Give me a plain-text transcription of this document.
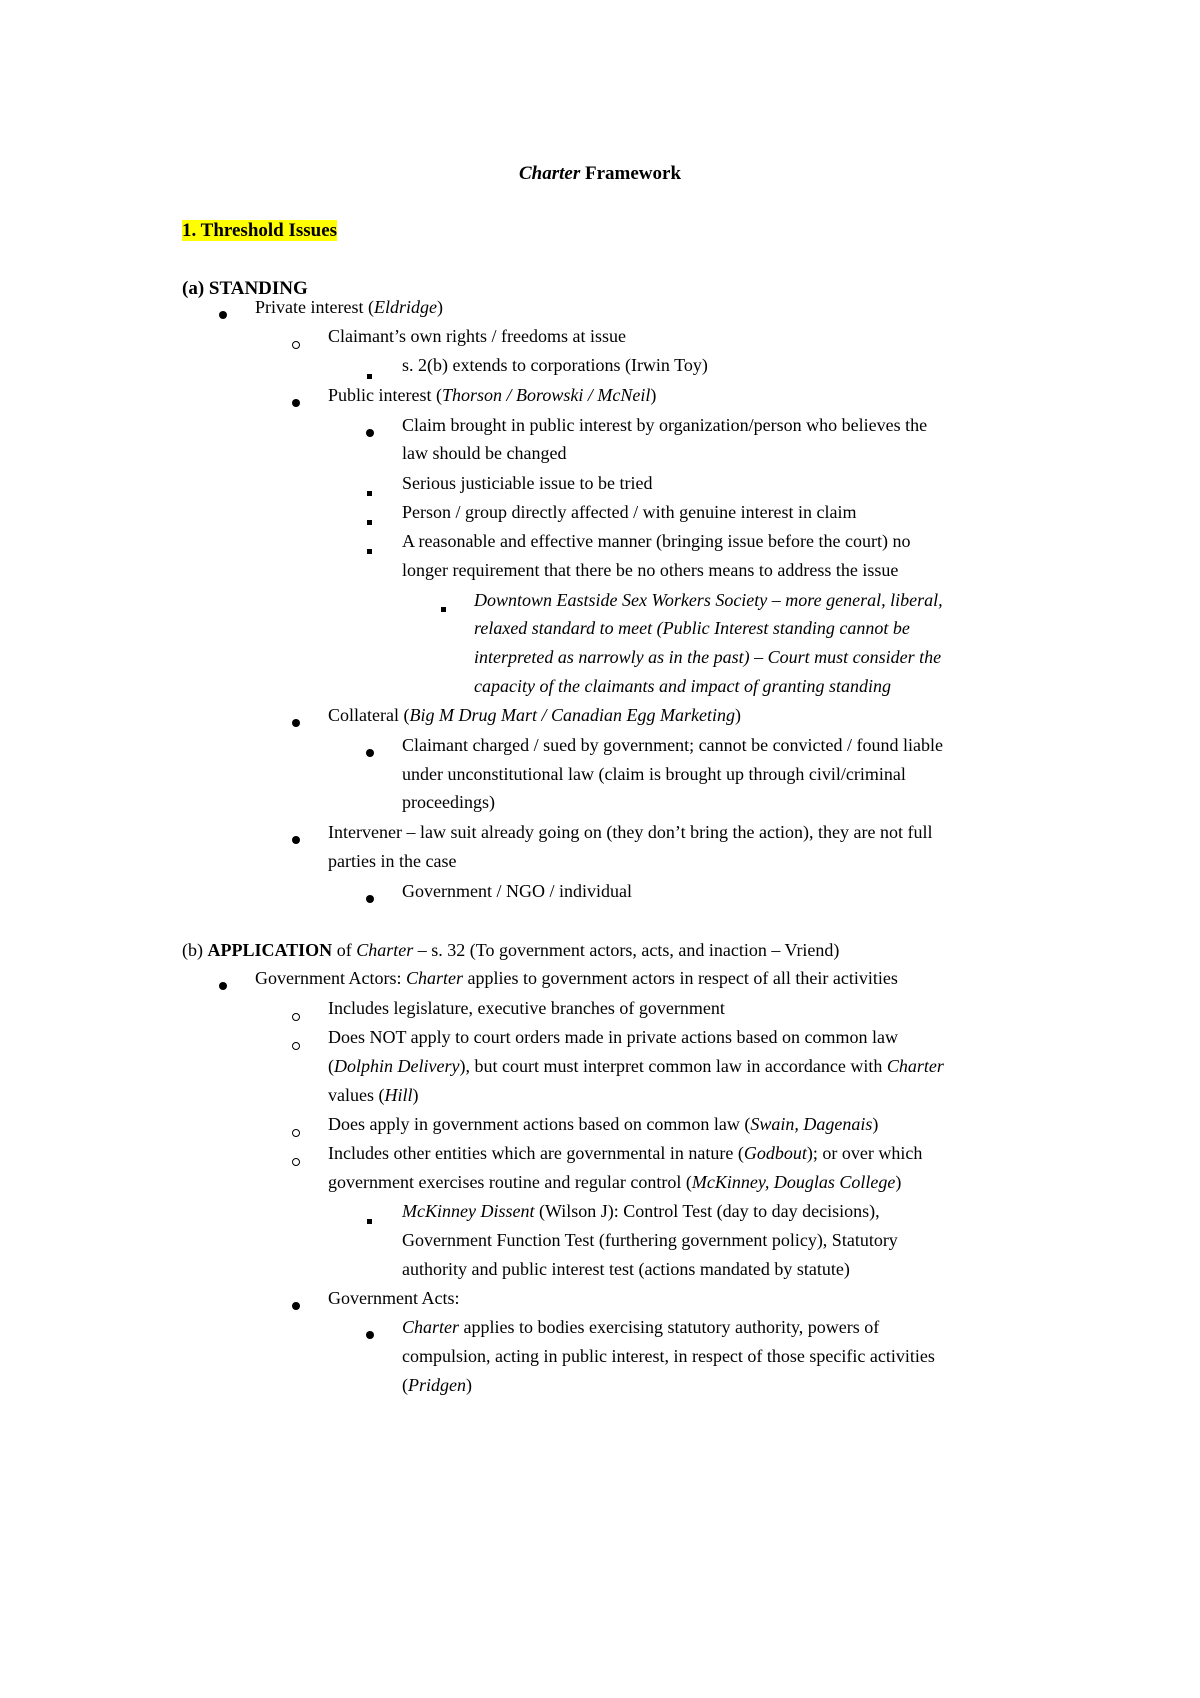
Charter Framework
1. Threshold Issues
(a) STANDING
Private interest (Eldridge)
Claimant’s own rights / freedoms at issue
s. 2(b) extends to corporations (Irwin Toy)
Public interest (Thorson / Borowski / McNeil)
Claim brought in public interest by organization/person who believes the
law should be changed
Serious justiciable issue to be tried
Person / group directly affected / with genuine interest in claim
A reasonable and effective manner (bringing issue before the court) no
longer requirement that there be no others means to address the issue
Downtown Eastside Sex Workers Society – more general, liberal,
relaxed standard to meet (Public Interest standing cannot be
interpreted as narrowly as in the past) – Court must consider the
capacity of the claimants and impact of granting standing
Collateral (Big M Drug Mart / Canadian Egg Marketing)
Claimant charged / sued by government; cannot be convicted / found liable
under unconstitutional law (claim is brought up through civil/criminal
proceedings)
Intervener – law suit already going on (they don’t bring the action), they are not full
parties in the case
Government / NGO / individual
(b) APPLICATION of Charter – s. 32 (To government actors, acts, and inaction – Vriend)
Government Actors: Charter applies to government actors in respect of all their activities
Includes legislature, executive branches of government
Does NOT apply to court orders made in private actions based on common law
(Dolphin Delivery), but court must interpret common law in accordance with Charter
values (Hill)
Does apply in government actions based on common law (Swain, Dagenais)
Includes other entities which are governmental in nature (Godbout); or over which
government exercises routine and regular control (McKinney, Douglas College)
McKinney Dissent (Wilson J): Control Test (day to day decisions),
Government Function Test (furthering government policy), Statutory
authority and public interest test (actions mandated by statute)
Government Acts:
Charter applies to bodies exercising statutory authority, powers of
compulsion, acting in public interest, in respect of those specific activities
(Pridgen)
